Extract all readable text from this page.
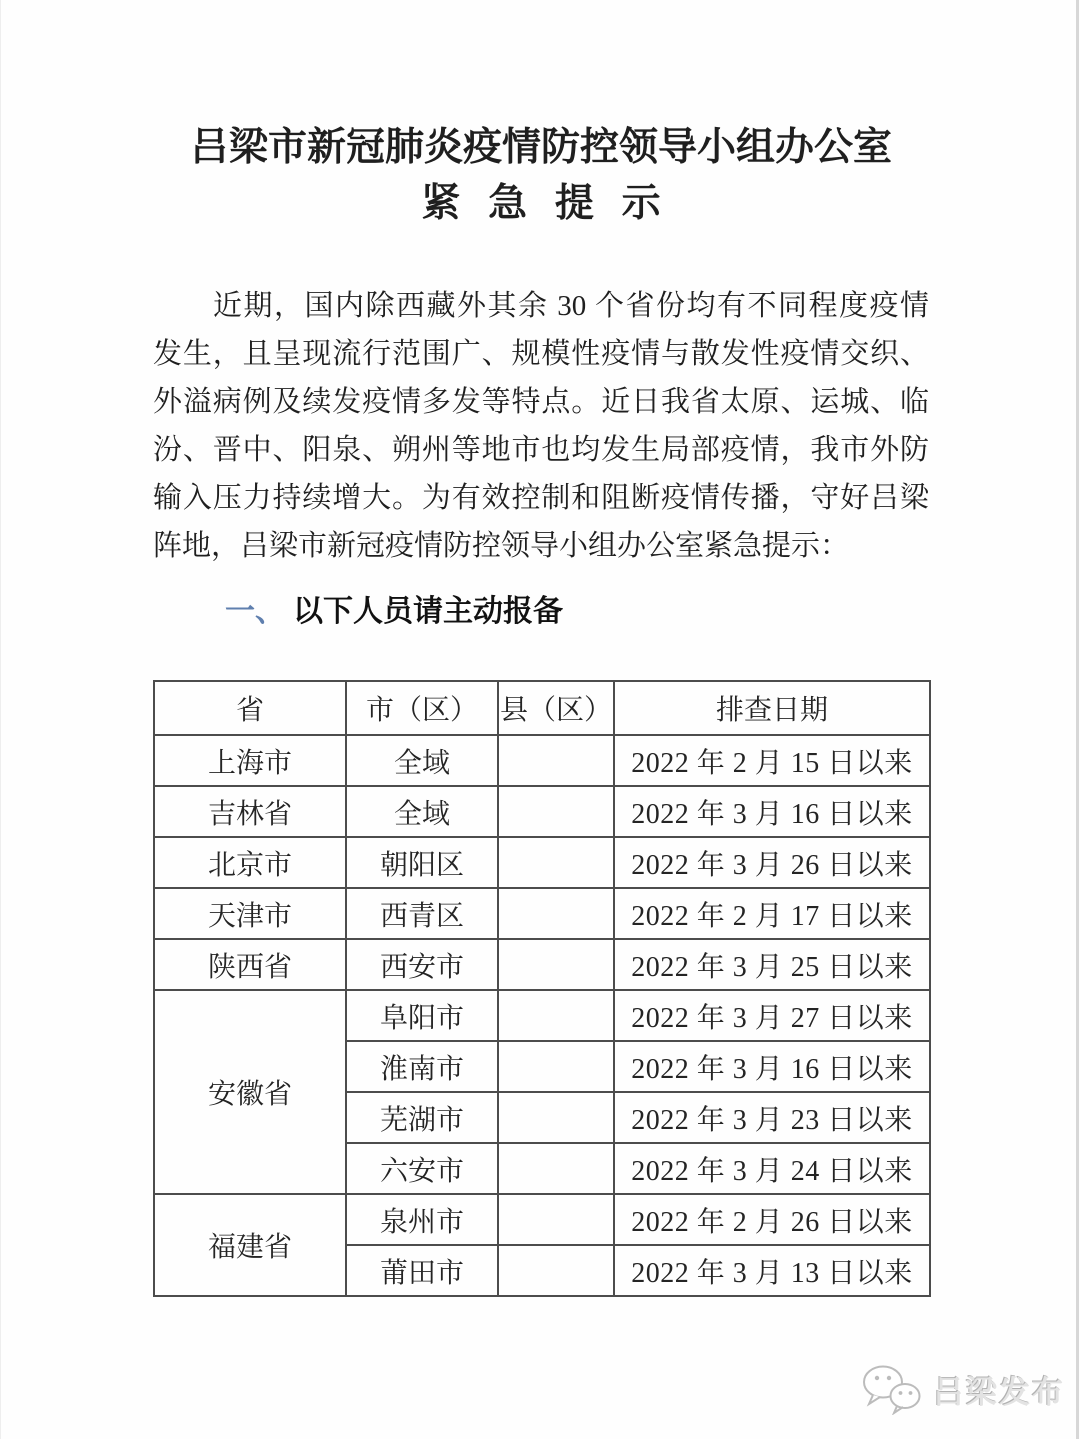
吕梁市新冠肺炎疫情防控领导小组办公室
紧 急 提 示
近期，国内除西藏外其余 30 个省份均有不同程度疫情
发生，且呈现流行范围广、规模性疫情与散发性疫情交织、
外溢病例及续发疫情多发等特点。近日我省太原、运城、临
汾、晋中、阳泉、朔州等地市也均发生局部疫情，我市外防
输入压力持续增大。为有效控制和阻断疫情传播，守好吕梁
阵地，吕梁市新冠疫情防控领导小组办公室紧急提示：
一、 以下人员请主动报备
省	市（区）	县（区）	排查日期
上海市	全域		2022 年 2 月 15 日以来
吉林省	全域		2022 年 3 月 16 日以来
北京市	朝阳区		2022 年 3 月 26 日以来
天津市	西青区		2022 年 2 月 17 日以来
陕西省	西安市		2022 年 3 月 25 日以来
安徽省	阜阳市		2022 年 3 月 27 日以来
	淮南市		2022 年 3 月 16 日以来
	芜湖市		2022 年 3 月 23 日以来
	六安市		2022 年 3 月 24 日以来
福建省	泉州市		2022 年 2 月 26 日以来
	莆田市		2022 年 3 月 13 日以来
吕梁发布
